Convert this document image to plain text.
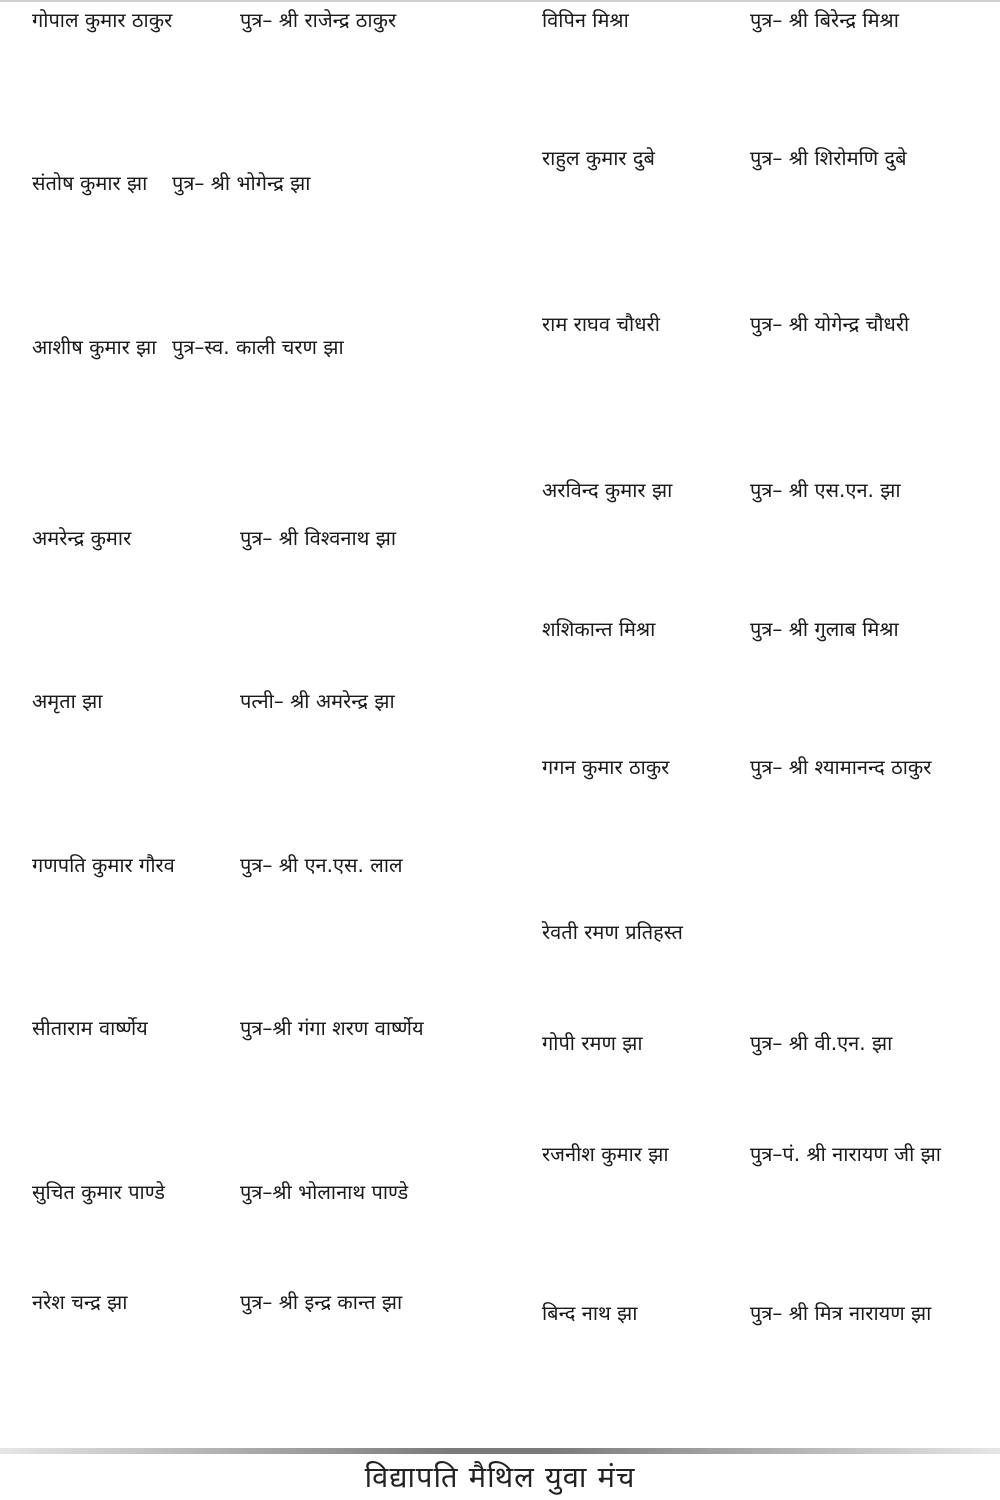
गोपाल कुमार ठाकुर	पुत्र– श्री राजेन्द्र ठाकुर
संतोष कुमार झा पुत्र– श्री भोगेन्द्र झा
आशीष कुमार झा पुत्र–स्व. काली चरण झा
अमरेन्द्र कुमार	पुत्र– श्री विश्वनाथ झा
अमृता झा	पत्नी– श्री अमरेन्द्र झा
गणपति कुमार गौरव	पुत्र– श्री एन.एस. लाल
सीताराम वार्ष्णेय	पुत्र–श्री गंगा शरण वार्ष्णेय
सुचित कुमार पाण्डे	पुत्र–श्री भोलानाथ पाण्डे
नरेश चन्द्र झा	पुत्र– श्री इन्द्र कान्त झा
विपिन मिश्रा	पुत्र– श्री बिरेन्द्र मिश्रा
राहुल कुमार दुबे	पुत्र– श्री शिरोमणि दुबे
राम राघव चौधरी	पुत्र– श्री योगेन्द्र चौधरी
अरविन्द कुमार झा	पुत्र– श्री एस.एन. झा
शशिकान्त मिश्रा	पुत्र– श्री गुलाब मिश्रा
गगन कुमार ठाकुर	पुत्र– श्री श्यामानन्द ठाकुर
रेवती रमण प्रतिहस्त
गोपी रमण झा	पुत्र– श्री वी.एन. झा
रजनीश कुमार झा	पुत्र–पं. श्री नारायण जी झा
बिन्द नाथ झा	पुत्र– श्री मित्र नारायण झा
विद्यापति मैथिल युवा मंच
